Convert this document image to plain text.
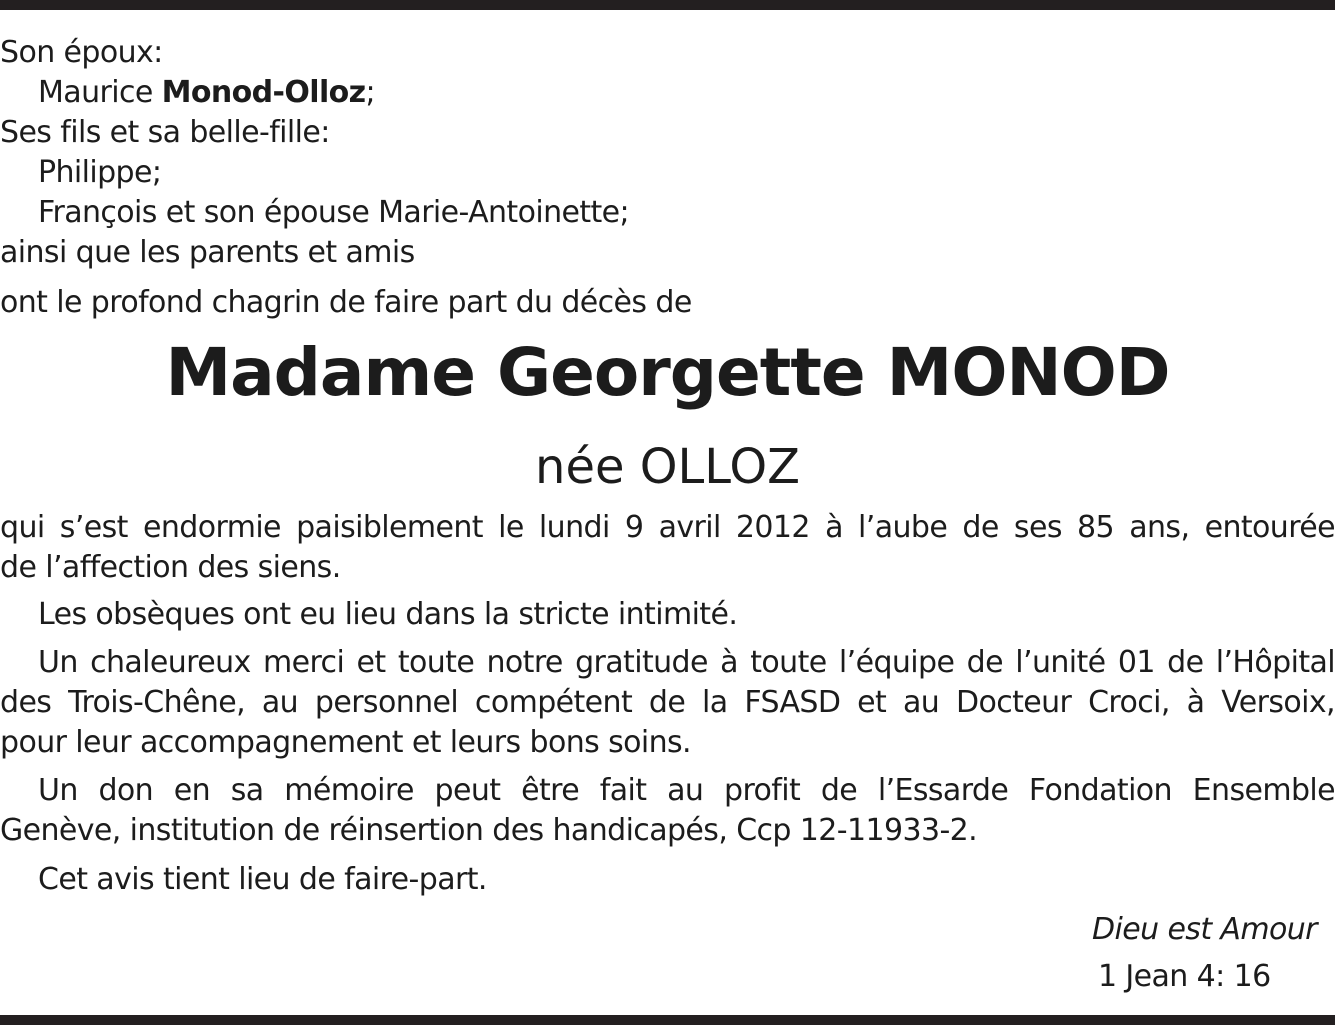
Son époux:
Maurice Monod-Olloz;
Ses fils et sa belle-fille:
Philippe;
François et son épouse Marie-Antoinette;
ainsi que les parents et amis
ont le profond chagrin de faire part du décès de
Madame Georgette MONOD
née OLLOZ
qui s’est endormie paisiblement le lundi 9 avril 2012 à l’aube de ses 85 ans, entourée
de l’affection des siens.
Les obsèques ont eu lieu dans la stricte intimité.
Un chaleureux merci et toute notre gratitude à toute l’équipe de l’unité 01 de l’Hôpital
des Trois-Chêne, au personnel compétent de la FSASD et au Docteur Croci, à Versoix,
pour leur accompagnement et leurs bons soins.
Un don en sa mémoire peut être fait au profit de l’Essarde Fondation Ensemble
Genève, institution de réinsertion des handicapés, Ccp 12-11933-2.
Cet avis tient lieu de faire-part.
Dieu est Amour
1 Jean 4: 16
